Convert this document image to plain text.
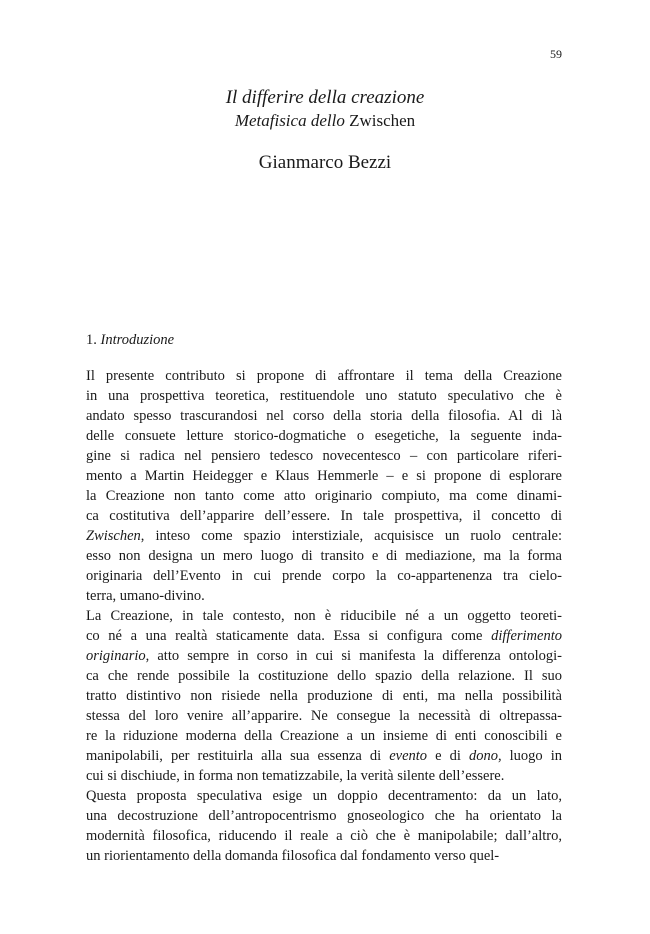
59
Il differire della creazione
Metafisica dello Zwischen
Gianmarco Bezzi
1. Introduzione
Il presente contributo si propone di affrontare il tema della Creazione
in una prospettiva teoretica, restituendole uno statuto speculativo che è
andato spesso trascurandosi nel corso della storia della filosofia. Al di là
delle consuete letture storico-dogmatiche o esegetiche, la seguente inda-
gine si radica nel pensiero tedesco novecentesco – con particolare riferi-
mento a Martin Heidegger e Klaus Hemmerle – e si propone di esplorare
la Creazione non tanto come atto originario compiuto, ma come dinami-
ca costitutiva dell’apparire dell’essere. In tale prospettiva, il concetto di
Zwischen, inteso come spazio interstiziale, acquisisce un ruolo centrale:
esso non designa un mero luogo di transito e di mediazione, ma la forma
originaria dell’Evento in cui prende corpo la co-appartenenza tra cielo-
terra, umano-divino.
La Creazione, in tale contesto, non è riducibile né a un oggetto teoreti-
co né a una realtà staticamente data. Essa si configura come differimento
originario, atto sempre in corso in cui si manifesta la differenza ontologi-
ca che rende possibile la costituzione dello spazio della relazione. Il suo
tratto distintivo non risiede nella produzione di enti, ma nella possibilità
stessa del loro venire all’apparire. Ne consegue la necessità di oltrepassa-
re la riduzione moderna della Creazione a un insieme di enti conoscibili e
manipolabili, per restituirla alla sua essenza di evento e di dono, luogo in
cui si dischiude, in forma non tematizzabile, la verità silente dell’essere.
Questa proposta speculativa esige un doppio decentramento: da un lato,
una decostruzione dell’antropocentrismo gnoseologico che ha orientato la
modernità filosofica, riducendo il reale a ciò che è manipolabile; dall’altro,
un riorientamento della domanda filosofica dal fondamento verso quel-
